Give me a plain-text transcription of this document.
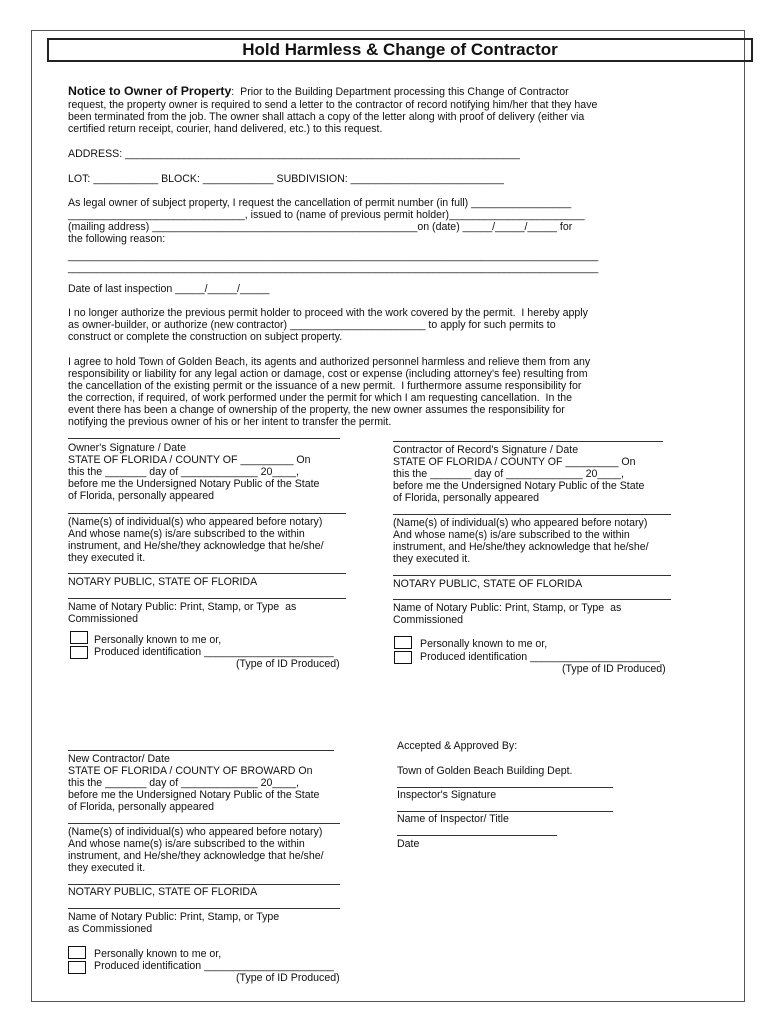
Hold Harmless & Change of Contractor
Notice to Owner of Property:  Prior to the Building Department processing this Change of Contractor
request, the property owner is required to send a letter to the contractor of record notifying him/her that they have
been terminated from the job. The owner shall attach a copy of the letter along with proof of delivery (either via
certified return receipt, courier, hand delivered, etc.) to this request.
ADDRESS: ___________________________________________________________________
LOT: ___________ BLOCK: ____________ SUBDIVISION: __________________________
As legal owner of subject property, I request the cancellation of permit number (in full) _________________
______________________________, issued to (name of previous permit holder)_______________________
(mailing address) _____________________________________________on (date) _____/_____/_____ for
the following reason:
__________________________________________________________________________________________
__________________________________________________________________________________________
Date of last inspection _____/_____/_____
I no longer authorize the previous permit holder to proceed with the work covered by the permit.  I hereby apply
as owner-builder, or authorize (new contractor) _______________________ to apply for such permits to
construct or complete the construction on subject property.
I agree to hold Town of Golden Beach, its agents and authorized personnel harmless and relieve them from any
responsibility or liability for any legal action or damage, cost or expense (including attorney's fee) resulting from
the cancellation of the existing permit or the issuance of a new permit.  I furthermore assume responsibility for
the correction, if required, of work performed under the permit for which I am requesting cancellation.  In the
event there has been a change of ownership of the property, the new owner assumes the responsibility for
notifying the previous owner of his or her intent to transfer the permit.
Owner's Signature / Date
STATE OF FLORIDA / COUNTY OF _________ On
this the _______ day of _____________ 20____,
before me the Undersigned Notary Public of the State
of Florida, personally appeared
(Name(s) of individual(s) who appeared before notary)
And whose name(s) is/are subscribed to the within
instrument, and He/she/they acknowledge that he/she/
they executed it.
NOTARY PUBLIC, STATE OF FLORIDA
Name of Notary Public: Print, Stamp, or Type  as
Commissioned
Personally known to me or,
Produced identification ______________________
(Type of ID Produced)
Contractor of Record's Signature / Date
STATE OF FLORIDA / COUNTY OF _________ On
this the _______ day of _____________ 20____,
before me the Undersigned Notary Public of the State
of Florida, personally appeared
(Name(s) of individual(s) who appeared before notary)
And whose name(s) is/are subscribed to the within
instrument, and He/she/they acknowledge that he/she/
they executed it.
NOTARY PUBLIC, STATE OF FLORIDA
Name of Notary Public: Print, Stamp, or Type  as
Commissioned
Personally known to me or,
Produced identification ______________________
(Type of ID Produced)
New Contractor/ Date
STATE OF FLORIDA / COUNTY OF BROWARD On
this the _______ day of _____________ 20____,
before me the Undersigned Notary Public of the State
of Florida, personally appeared
(Name(s) of individual(s) who appeared before notary)
And whose name(s) is/are subscribed to the within
instrument, and He/she/they acknowledge that he/she/
they executed it.
NOTARY PUBLIC, STATE OF FLORIDA
Name of Notary Public: Print, Stamp, or Type
as Commissioned
Personally known to me or,
Produced identification ______________________
(Type of ID Produced)
Accepted & Approved By:
Town of Golden Beach Building Dept.
Inspector's Signature
Name of Inspector/ Title
Date
